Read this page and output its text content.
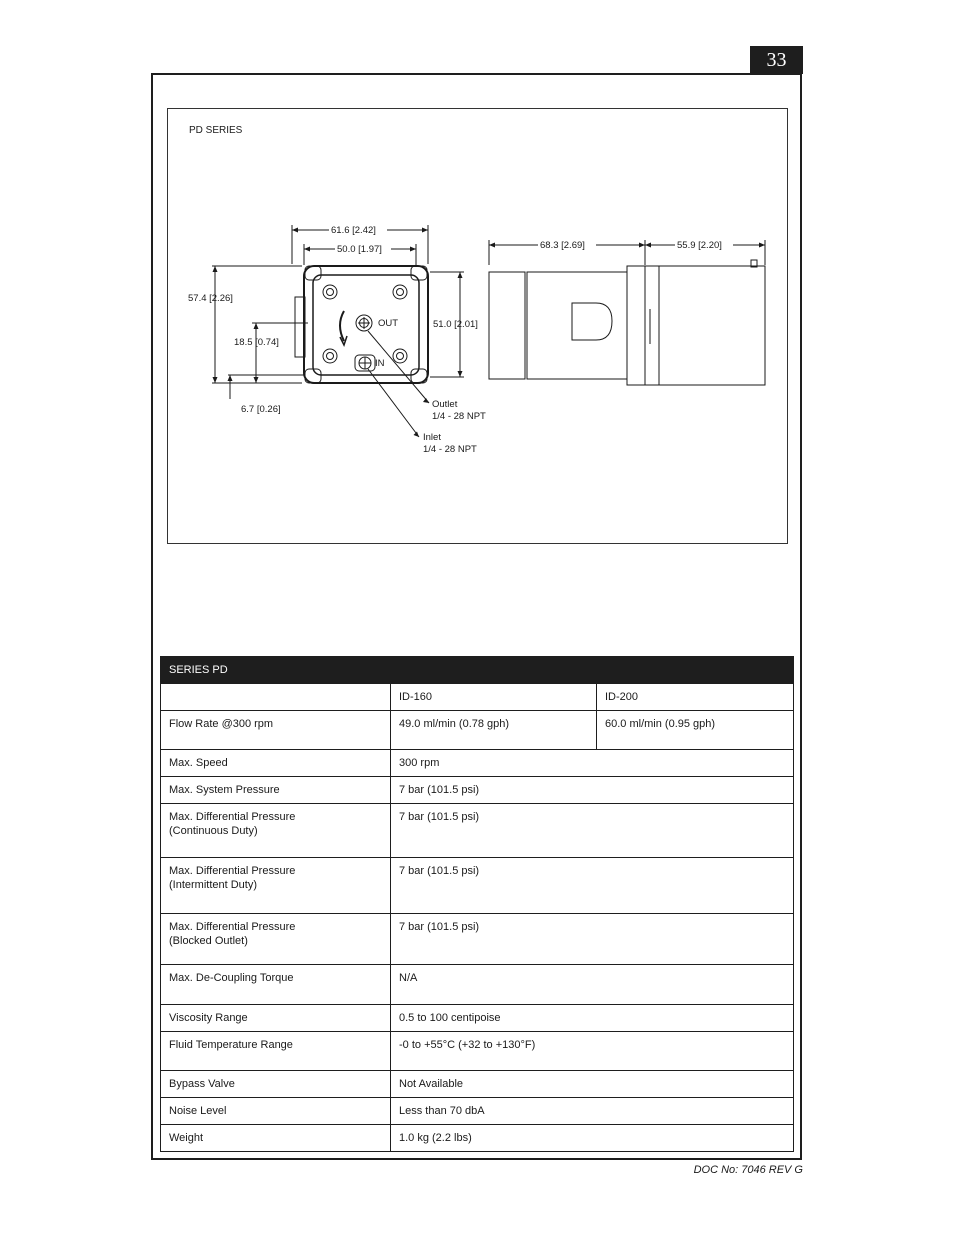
33
PD SERIES
61.6 [2.42]
50.0 [1.97]
57.4 [2.26]
18.5 [0.74]
6.7 [0.26]
51.0 [2.01]
68.3 [2.69]	55.9 [2.20]
OUT
IN
Outlet
1/4 - 28 NPT
Inlet
1/4 - 28 NPT
SERIES PD		
	ID-160	ID-200
Flow Rate @300 rpm	49.0 ml/min (0.78 gph)	60.0 ml/min (0.95 gph)
Max. Speed	300 rpm	
Max. System Pressure	7 bar (101.5 psi)	
Max. Differential Pressure
(Continuous Duty)	7 bar (101.5 psi)	
Max. Differential Pressure
(Intermittent Duty)	7 bar (101.5 psi)	
Max. Differential Pressure
(Blocked Outlet)	7 bar (101.5 psi)	
Max. De-Coupling Torque	N/A	
Viscosity Range	0.5 to 100 centipoise	
Fluid Temperature Range	-0 to +55°C (+32 to +130°F)	
Bypass Valve	Not Available	
Noise Level	Less than 70 dbA	
Weight	1.0 kg (2.2 lbs)	
DOC No: 7046 REV G
